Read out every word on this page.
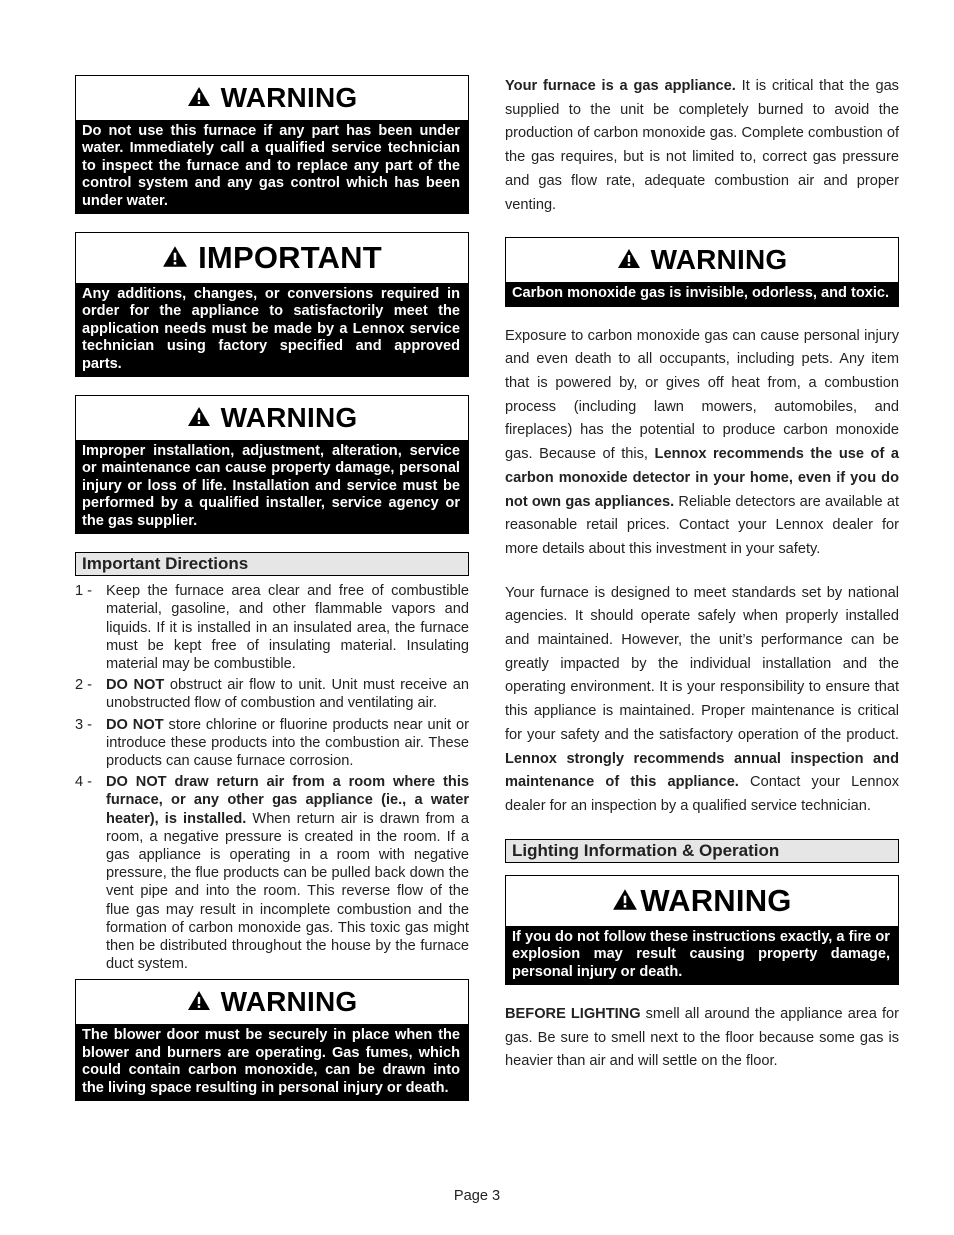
WARNING
Do not use this furnace if any part has been under water. Immediately call a qualified service technician to inspect the furnace and to replace any part of the control system and any gas control which has been under water.
IMPORTANT
Any additions, changes, or conversions required in order for the appliance to satisfactorily meet the application needs must be made by a Lennox service technician using factory specified and approved parts.
WARNING
Improper installation, adjustment, alteration, service or maintenance can cause property damage, personal injury or loss of life. Installation and service must be performed by a qualified installer, service agency or the gas supplier.
Important Directions
1 - Keep the furnace area clear and free of combustible material, gasoline, and other flammable vapors and liquids. If it is installed in an insulated area, the furnace must be kept free of insulating material. Insulating material may be combustible.
2 - DO NOT obstruct air flow to unit. Unit must receive an unobstructed flow of combustion and ventilating air.
3 - DO NOT store chlorine or fluorine products near unit or introduce these products into the combustion air. These products can cause furnace corrosion.
4 - DO NOT draw return air from a room where this furnace, or any other gas appliance (ie., a water heater), is installed. When return air is drawn from a room, a negative pressure is created in the room. If a gas appliance is operating in a room with negative pressure, the flue products can be pulled back down the vent pipe and into the room. This reverse flow of the flue gas may result in incomplete combustion and the formation of carbon monoxide gas. This toxic gas might then be distributed throughout the house by the furnace duct system.
WARNING
The blower door must be securely in place when the blower and burners are operating. Gas fumes, which could contain carbon monoxide, can be drawn into the living space resulting in personal injury or death.

Your furnace is a gas appliance. It is critical that the gas supplied to the unit be completely burned to avoid the production of carbon monoxide gas. Complete combustion of the gas requires, but is not limited to, correct gas pressure and gas flow rate, adequate combustion air and proper venting.

WARNING
Carbon monoxide gas is invisible, odorless, and toxic.

Exposure to carbon monoxide gas can cause personal injury and even death to all occupants, including pets. Any item that is powered by, or gives off heat from, a combustion process (including lawn mowers, automobiles, and fireplaces) has the potential to produce carbon monoxide gas. Because of this, Lennox recommends the use of a carbon monoxide detector in your home, even if you do not own gas appliances. Reliable detectors are available at reasonable retail prices. Contact your Lennox dealer for more details about this investment in your safety.

Your furnace is designed to meet standards set by national agencies. It should operate safely when properly installed and maintained. However, the unit’s performance can be greatly impacted by the individual installation and the operating environment. It is your responsibility to ensure that this appliance is maintained. Proper maintenance is critical for your safety and the satisfactory operation of the product. Lennox strongly recommends annual inspection and maintenance of this appliance. Contact your Lennox dealer for an inspection by a qualified service technician.

Lighting Information & Operation
WARNING
If you do not follow these instructions exactly, a fire or explosion may result causing property damage, personal injury or death.

BEFORE LIGHTING smell all around the appliance area for gas. Be sure to smell next to the floor because some gas is heavier than air and will settle on the floor.

Page 3
